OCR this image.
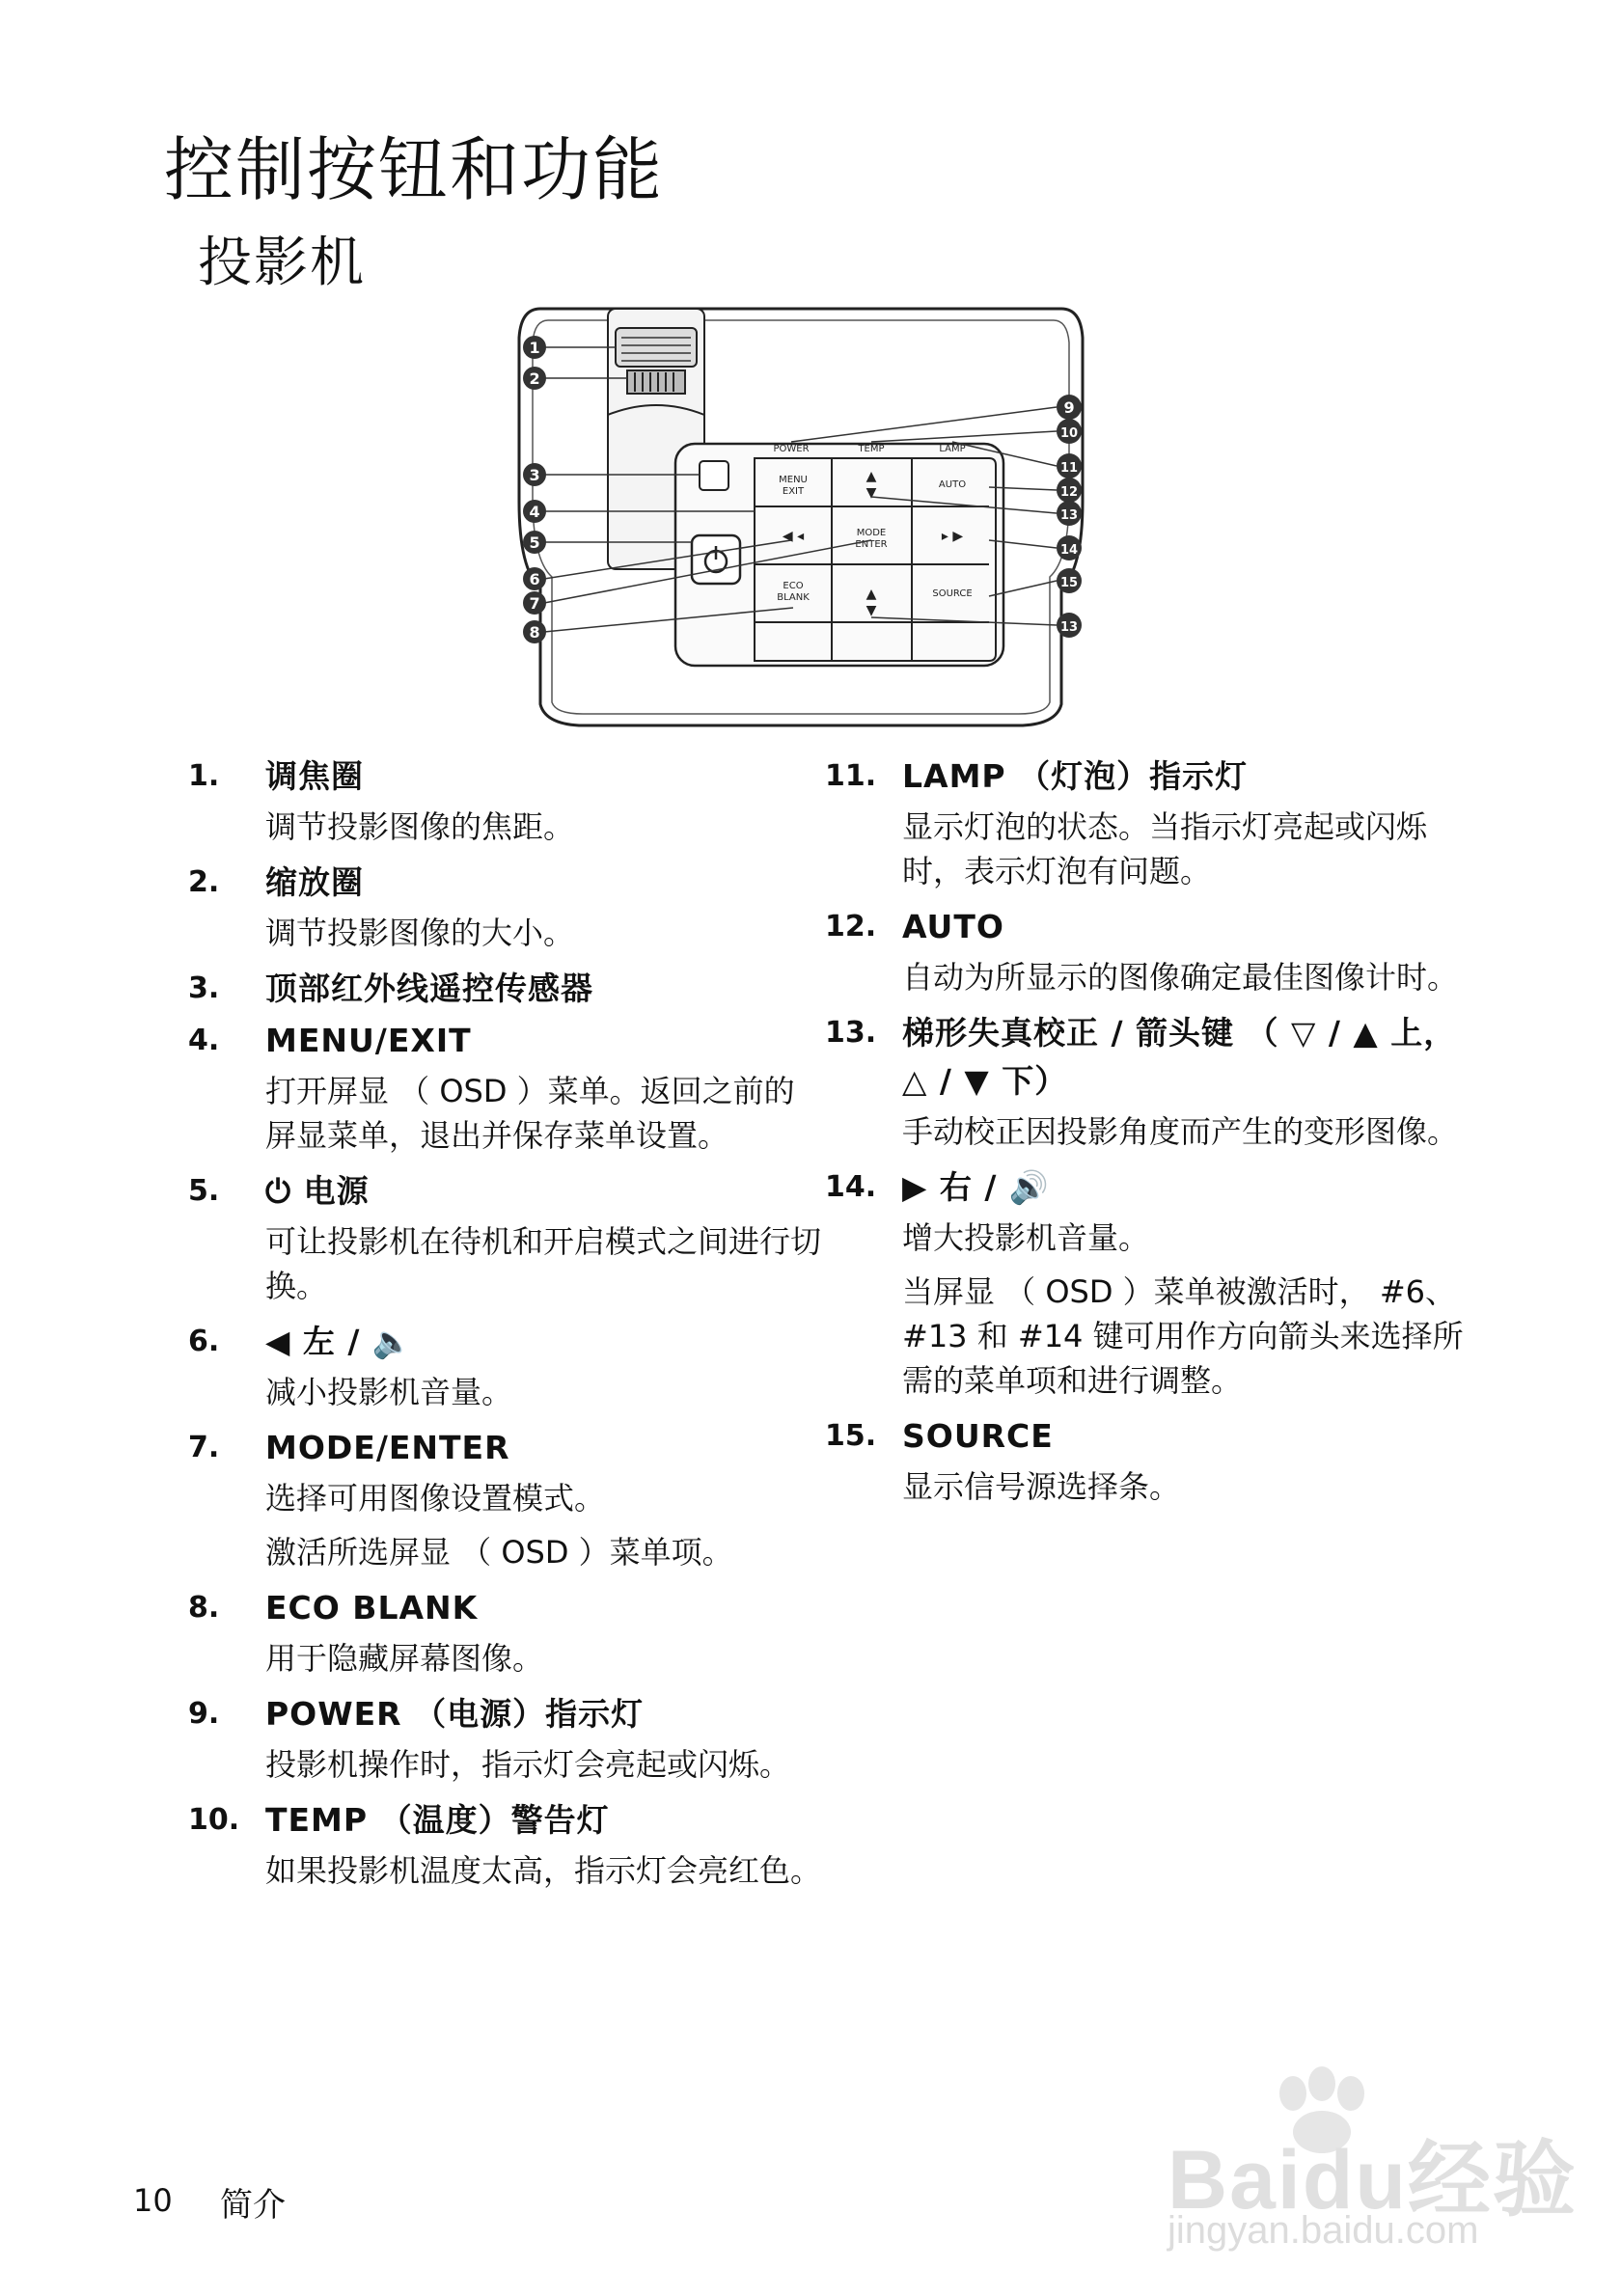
控制按钮和功能
投影机
POWER	TEMP	LAMP
MENU
EXIT
AUTO
MODE
ENTER
ECO
BLANK	SOURCE
▲
▼
◀ ◂	▸ ▶
▲
▼
1
2
3
4
5
6
7
8
9
10
11
12
13
14
15
13
1. 调焦圈

调节投影图像的焦距。

2. 缩放圈

调节投影图像的大小。

3. 顶部红外线遥控传感器

4. MENU/EXIT

打开屏显 （ OSD ）菜单。返回之前的屏显菜单，退出并保存菜单设置。

5. ⏻ 电源

可让投影机在待机和开启模式之间进行切换。

6. ◀ 左 / 🔈

减小投影机音量。

7. MODE/ENTER

选择可用图像设置模式。

激活所选屏显 （ OSD ）菜单项。

8. ECO BLANK

用于隐藏屏幕图像。

9. POWER （电源）指示灯

投影机操作时，指示灯会亮起或闪烁。

10. TEMP （温度）警告灯

如果投影机温度太高，指示灯会亮红色。

11. LAMP （灯泡）指示灯

显示灯泡的状态。当指示灯亮起或闪烁时，表示灯泡有问题。

12. AUTO

自动为所显示的图像确定最佳图像计时。

13. 梯形失真校正 / 箭头键 （ ▽ / ▲ 上， △ / ▼ 下）

手动校正因投影角度而产生的变形图像。

14. ▶ 右 / 🔊

增大投影机音量。

当屏显 （ OSD ）菜单被激活时， #6、#13 和 #14 键可用作方向箭头来选择所需的菜单项和进行调整。

15. SOURCE

显示信号源选择条。

10 简介	Baidu经验
jingyan.baidu.com
